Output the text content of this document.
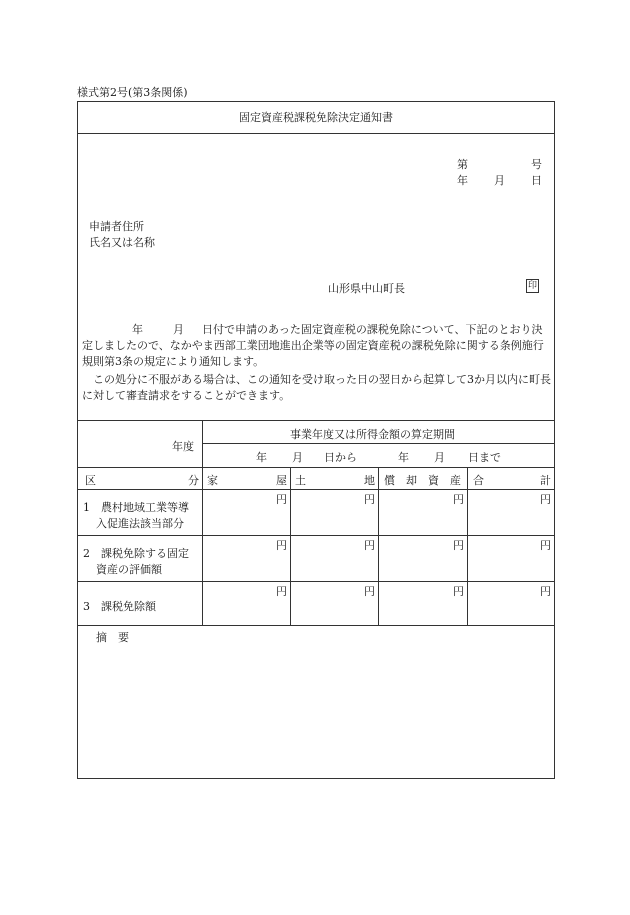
様式第2号(第3条関係)
固定資産税課税免除決定通知書
第	号
年 月 日
申請者住所
氏名又は名称
山形県中山町長	印
年	月 日付で申請のあった固定資産税の課税免除について、下記のとおり決定しましたので、なかやま西部工業団地進出企業等の固定資産税の課税免除に関する条例施行規則第3条の規定により通知します。
この処分に不服がある場合は、この通知を受け取った日の翌日から起算して3か月以内に町長に対して審査請求をすることができます。
年度
事業年度又は所得金額の算定期間
年 月 日から	年 月 日まで
区	分 家	屋 土	地 償　却　資　産 合	計
1　農村地域工業等導
入促進法該当部分
円	円	円	円
2　課税免除する固定
資産の評価額
円	円	円	円
3　課税免除額
円	円	円	円
摘　要
